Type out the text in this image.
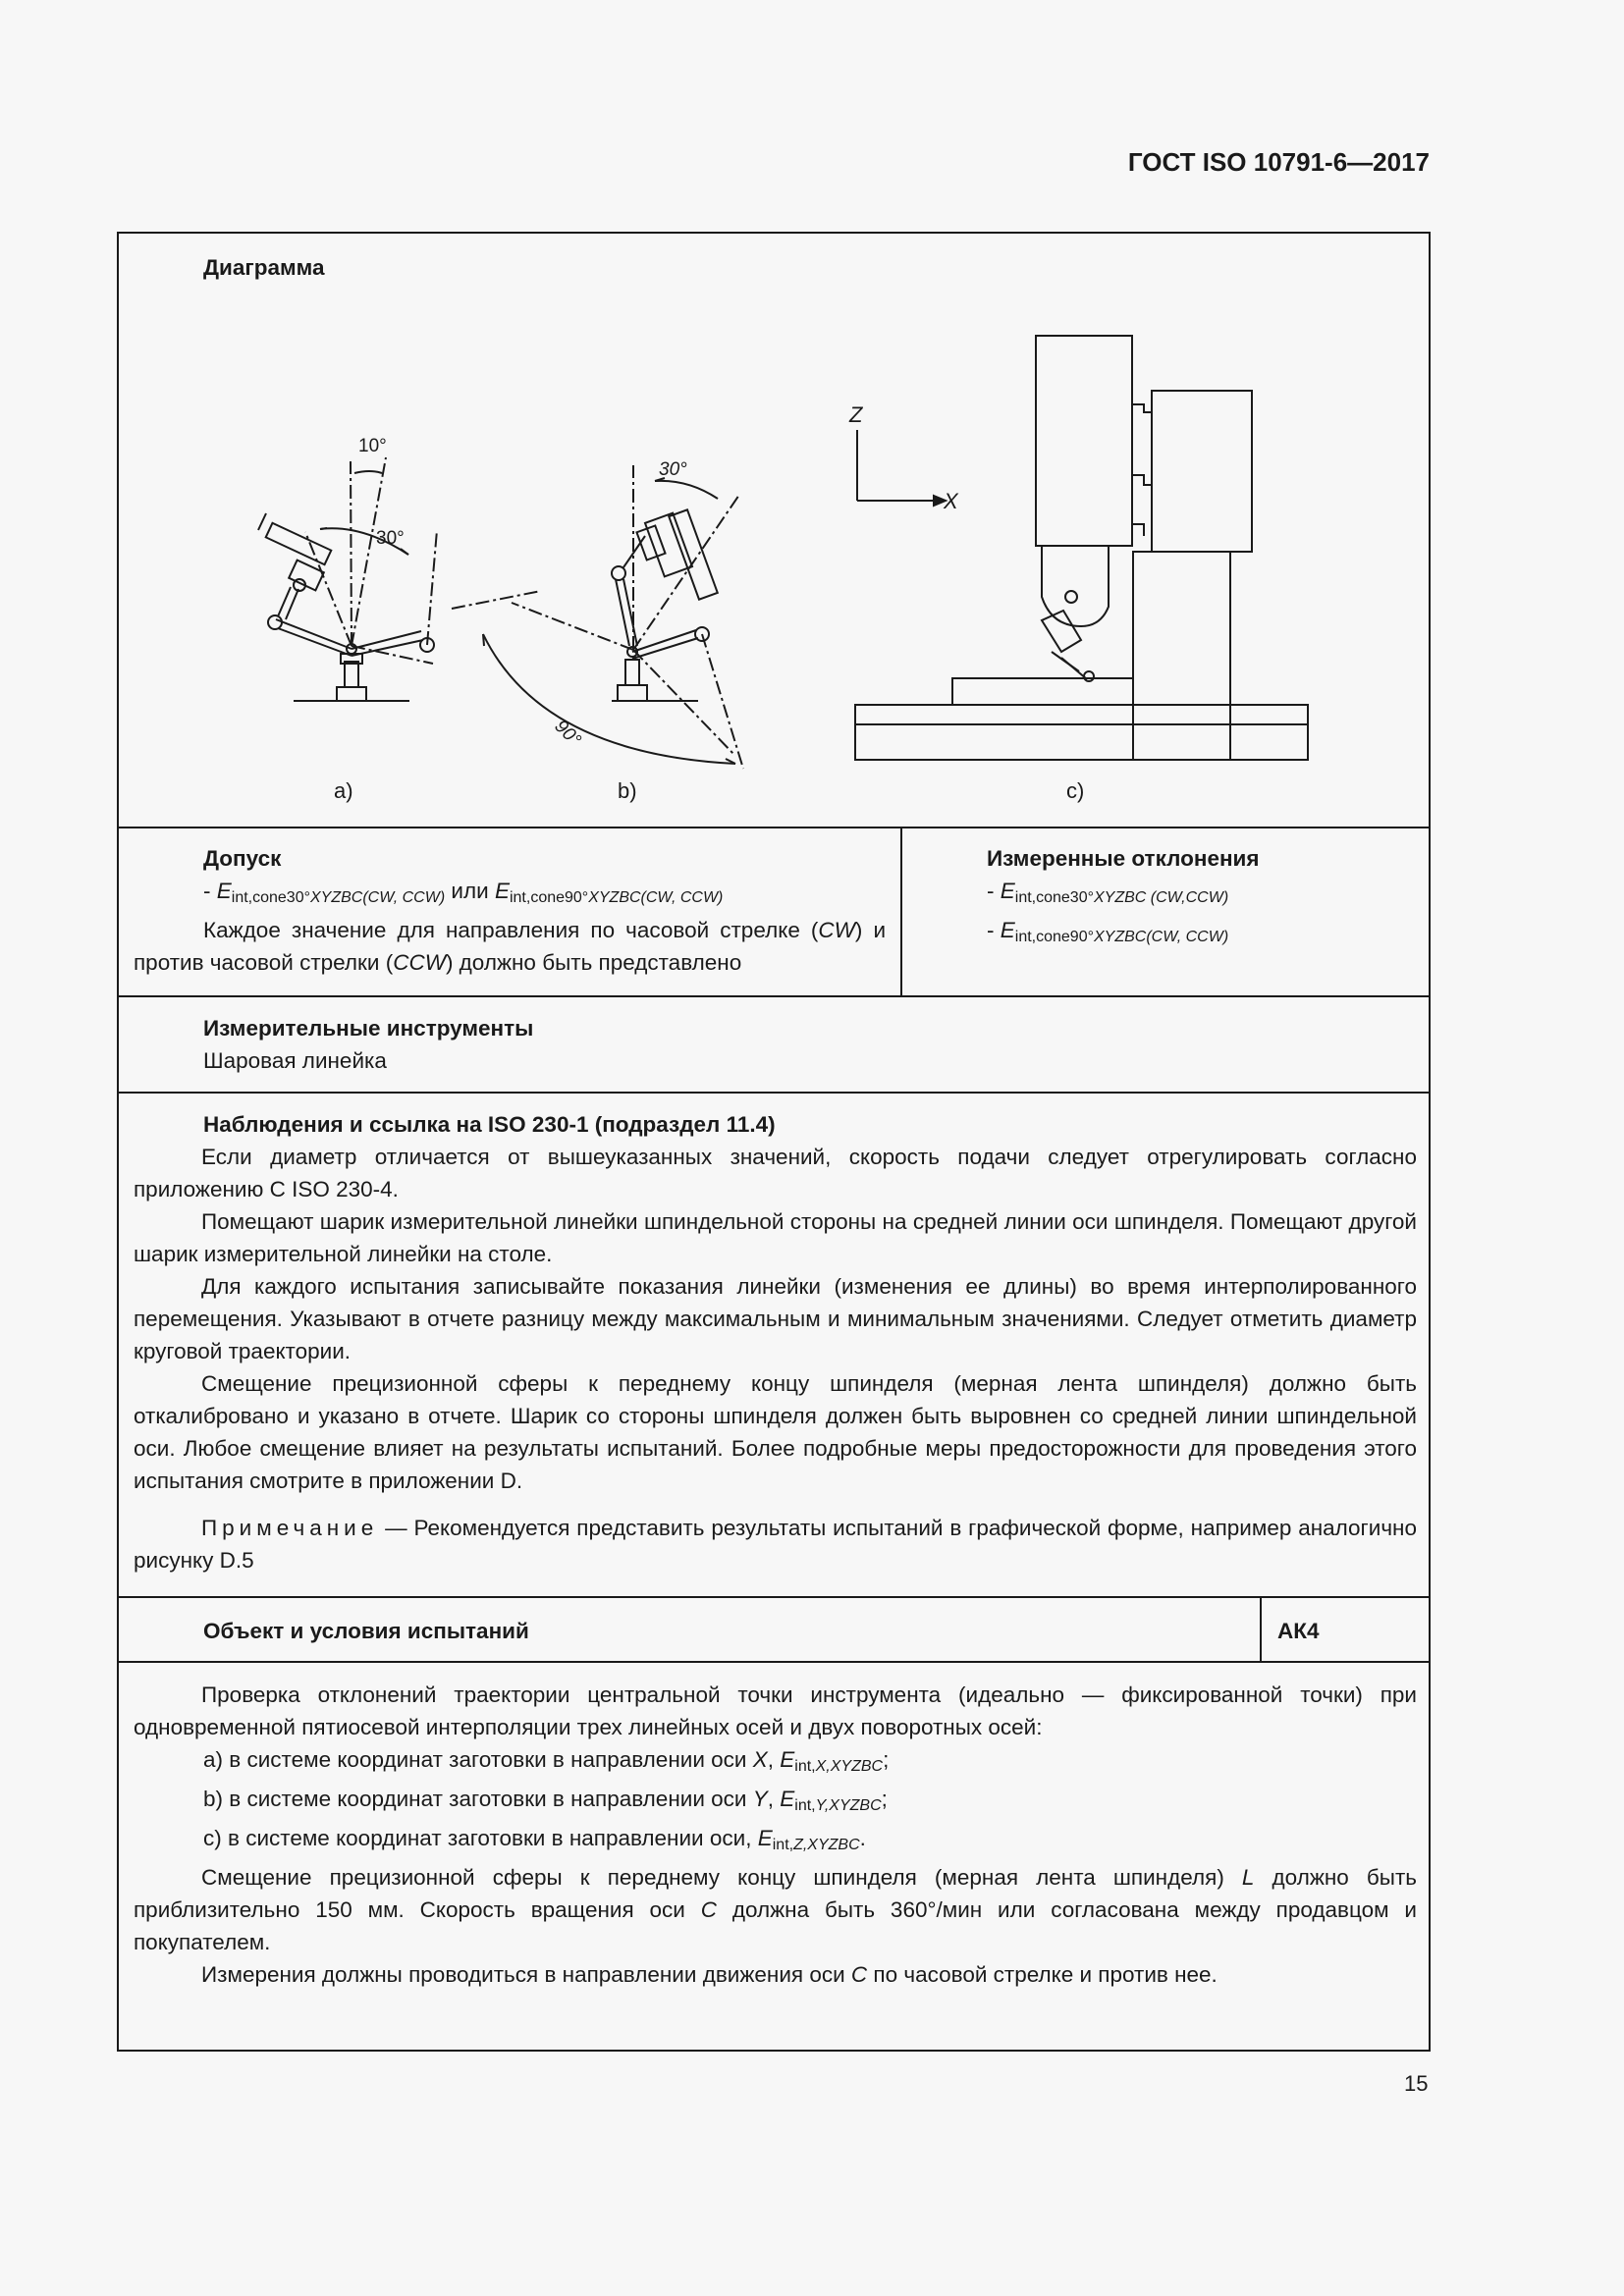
ГОСТ ISO 10791-6—2017
Диаграмма
10°
30°
30°
90°
Z
X
a)	b)	c)
Допуск
- $E_{int,cone30^\circ XYZBC(CW, CCW)}$ или $E_{int,cone90^\circ XYZBC(CW, CCW)}$
Каждое значение для направления по часовой стрелке (CW) и против часовой стрелки (CCW) должно быть представлено
Измеренные отклонения
- $E_{int,cone30^\circ XYZBC (CW,CCW)}$
- $E_{int,cone90^\circ XYZBC(CW, CCW)}$
Измерительные инструменты
Шаровая линейка
Наблюдения и ссылка на ISO 230-1 (подраздел 11.4)
Если диаметр отличается от вышеуказанных значений, скорость подачи следует отрегулировать согласно приложению С ISO 230-4.
Помещают шарик измерительной линейки шпиндельной стороны на средней линии оси шпинделя. Помещают другой шарик измерительной линейки на столе.
Для каждого испытания записывайте показания линейки (изменения ее длины) во время интерполированного перемещения. Указывают в отчете разницу между максимальным и минимальным значениями. Следует отметить диаметр круговой траектории.
Смещение прецизионной сферы к переднему концу шпинделя (мерная лента шпинделя) должно быть откалибровано и указано в отчете. Шарик со стороны шпинделя должен быть выровнен со средней линии шпиндельной оси. Любое смещение влияет на результаты испытаний. Более подробные меры предосторожности для проведения этого испытания смотрите в приложении D.
Примечание — Рекомендуется представить результаты испытаний в графической форме, например аналогично рисунку D.5
Объект и условия испытаний	АК4
Проверка отклонений траектории центральной точки инструмента (идеально — фиксированной точки) при одновременной пятиосевой интерполяции трех линейных осей и двух поворотных осей:
a) в системе координат заготовки в направлении оси X, $E_{int,X,XYZBC}$;
b) в системе координат заготовки в направлении оси Y, $E_{int,Y,XYZBC}$;
c) в системе координат заготовки в направлении оси, $E_{int,Z,XYZBC}$.
Смещение прецизионной сферы к переднему концу шпинделя (мерная лента шпинделя) L должно быть приблизительно 150 мм. Скорость вращения оси C должна быть 360°/мин или согласована между продавцом и покупателем.
Измерения должны проводиться в направлении движения оси C по часовой стрелке и против нее.
15
